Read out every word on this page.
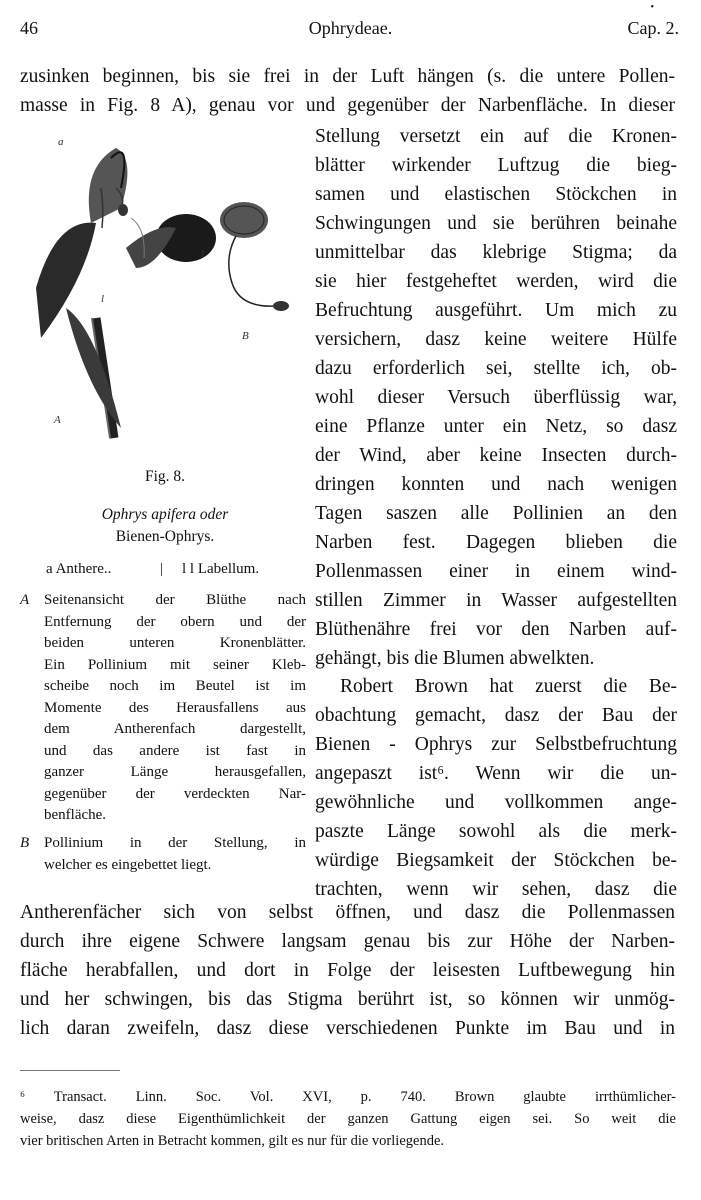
46	Ophrydeae.	Cap. 2.
•
zusinken beginnen, bis sie frei in der Luft hängen (s. die untere Pollen-
masse in Fig. 8 A), genau vor und gegenüber der Narbenfläche. In dieser
Stellung versetzt ein auf die Kronen-
blätter wirkender Luftzug die bieg-
samen und elastischen Stöckchen in
Schwingungen und sie berühren beinahe
unmittelbar das klebrige Stigma; da
sie hier festgeheftet werden, wird die
Befruchtung ausgeführt. Um mich zu
versichern, dasz keine weitere Hülfe
dazu erforderlich sei, stellte ich, ob-
wohl dieser Versuch überflüssig war,
eine Pflanze unter ein Netz, so dasz
der Wind, aber keine Insecten durch-
dringen konnten und nach wenigen
Tagen saszen alle Pollinien an den
Narben fest. Dagegen blieben die
Pollenmassen einer in einem wind-
stillen Zimmer in Wasser aufgestellten
Blüthenähre frei vor den Narben auf-
gehängt, bis die Blumen abwelkten.
Robert Brown hat zuerst die Be-
obachtung gemacht, dasz der Bau der
Bienen - Ophrys zur Selbstbefruchtung
angepaszt ist⁶. Wenn wir die un-
gewöhnliche und vollkommen ange-
paszte Länge sowohl als die merk-
würdige Biegsamkeit der Stöckchen be-
trachten, wenn wir sehen, dasz die
Antherenfächer sich von selbst öffnen, und dasz die Pollenmassen
durch ihre eigene Schwere langsam genau bis zur Höhe der Narben-
fläche herabfallen, und dort in Folge der leisesten Luftbewegung hin
und her schwingen, bis das Stigma berührt ist, so können wir unmög-
lich daran zweifeln, dasz diese verschiedenen Punkte im Bau und in
a
l
l
A
B
Fig. 8.
Ophrys apifera oder
Bienen-Ophrys.
a Anthere..	| l l Labellum.
A Seitenansicht der Blüthe nach
Entfernung der obern und der
beiden unteren Kronenblätter.
Ein Pollinium mit seiner Kleb-
scheibe noch im Beutel ist im
Momente des Herausfallens aus
dem Antherenfach dargestellt,
und das andere ist fast in
ganzer Länge herausgefallen,
gegenüber der verdeckten Nar-
benfläche.
B Pollinium in der Stellung, in
welcher es eingebettet liegt.
⁶ Transact. Linn. Soc. Vol. XVI, p. 740. Brown glaubte irrthümlicher-
weise, dasz diese Eigenthümlichkeit der ganzen Gattung eigen sei. So weit die
vier britischen Arten in Betracht kommen, gilt es nur für die vorliegende.
